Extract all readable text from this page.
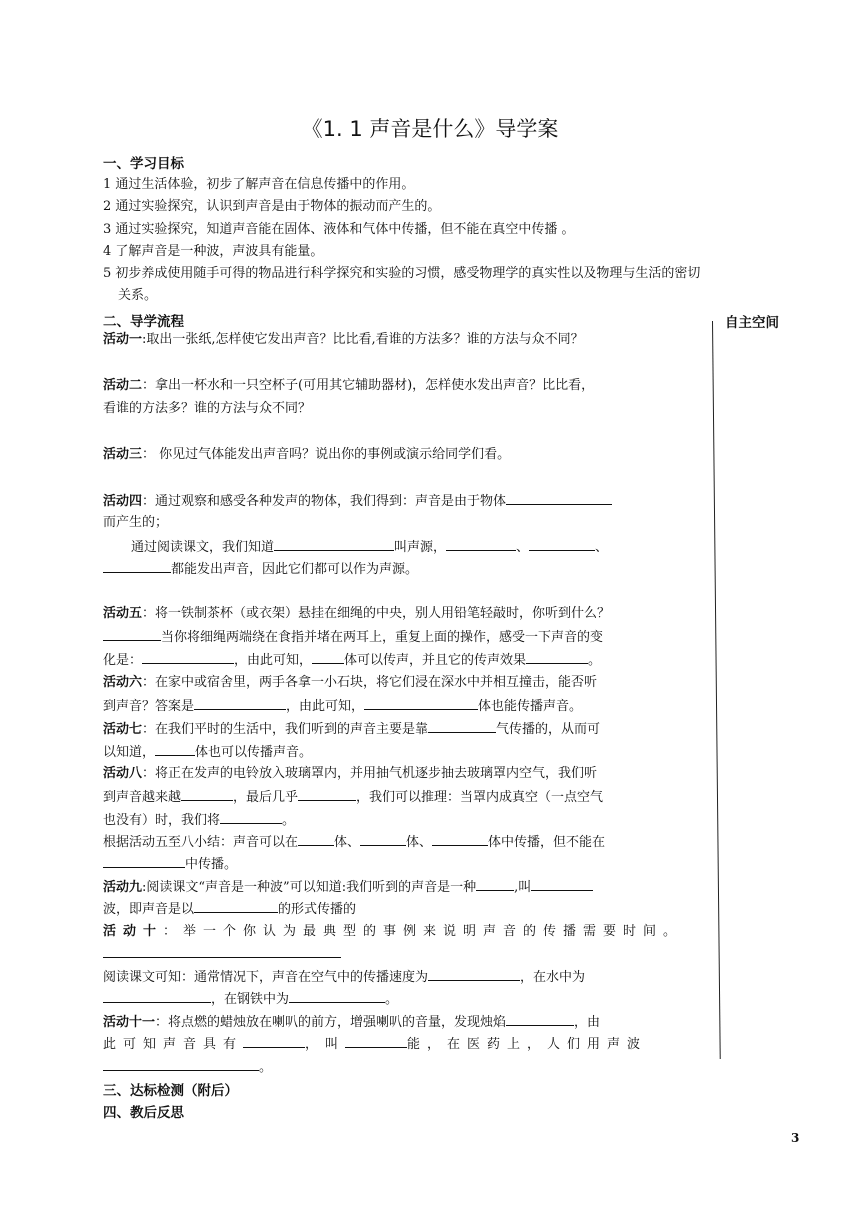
《1. 1 声音是什么》导学案
一、学习目标
1 通过生活体验，初步了解声音在信息传播中的作用。
2 通过实验探究，认识到声音是由于物体的振动而产生的。
3 通过实验探究，知道声音能在固体、液体和气体中传播，但不能在真空中传播 。
4 了解声音是一种波，声波具有能量。
5 初步养成使用随手可得的物品进行科学探究和实验的习惯，感受物理学的真实性以及物理与生活的密切
关系。
二、导学流程	自主空间
活动一:取出一张纸,怎样使它发出声音？比比看,看谁的方法多？谁的方法与众不同？
活动二：拿出一杯水和一只空杯子(可用其它辅助器材)，怎样使水发出声音？比比看，
看谁的方法多？谁的方法与众不同？
活动三： 你见过气体能发出声音吗？说出你的事例或演示给同学们看。
活动四：通过观察和感受各种发声的物体，我们得到：声音是由于物体
而产生的；
通过阅读课文，我们知道	叫声源，	、	、
都能发出声音，因此它们都可以作为声源。
活动五：将一铁制茶杯（或衣架）悬挂在细绳的中央，别人用铅笔轻敲时，你听到什么？
当你将细绳两端绕在食指并堵在两耳上，重复上面的操作，感受一下声音的变
化是：	，由此可知， 体可以传声，并且它的传声效果	。
活动六：在家中或宿舍里，两手各拿一小石块，将它们浸在深水中并相互撞击，能否听
到声音？答案是	，由此可知，	体也能传播声音。
活动七：在我们平时的生活中，我们听到的声音主要是靠	气传播的，从而可
以知道，	体也可以传播声音。
活动八：将正在发声的电铃放入玻璃罩内，并用抽气机逐步抽去玻璃罩内空气，我们听
到声音越来越	，最后几乎	，我们可以推理：当罩内成真空（一点空气
也没有）时，我们将	。
根据活动五至八小结：声音可以在	体、	体、	体中传播，但不能在
中传播。
活动九:阅读课文“声音是一种波”可以知道:我们听到的声音是一种	,叫
波，即声音是以	的形式传播的
活动十：举一个你认为最典型的事例来说明声音的传播需要时间。
阅读课文可知：通常情况下，声音在空气中的传播速度为	，在水中为
，在钢铁中为	。
活动十一：将点燃的蜡烛放在喇叭的前方，增强喇叭的音量，发现烛焰	，由
此可知声音具有	，叫	能，在医药上，人们用声波
。
三、达标检测（附后）
四、教后反思
3
